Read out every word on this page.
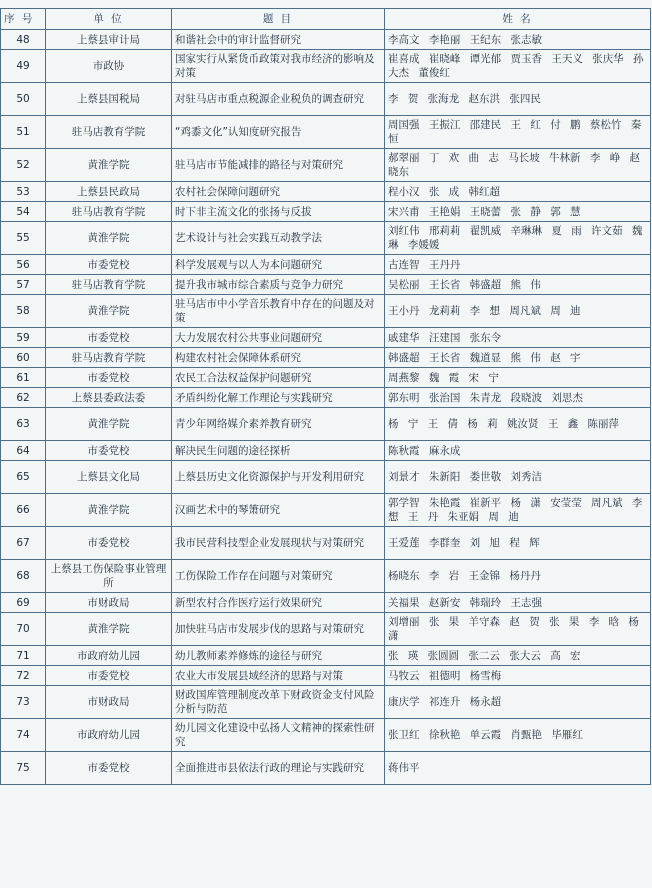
序 号	单 位	题 目	姓 名
48	上蔡县审计局	和谐社会中的审计监督研究	李高文 李艳丽 王纪东 张志敏
49	市政协	国家实行从紧货币政策对我市经济的影响及对策	崔喜成 崔晓峰 谭光郁 贾玉香 王天义 张庆华 孙大杰 董俊红
50	上蔡县国税局	对驻马店市重点税源企业税负的调查研究	李 贺 张海龙 赵东洪 张四民
51	驻马店教育学院	“鸡黍文化”认知度研究报告	周国强 王振江 邵建民 王 红 付 鹏 蔡松竹 秦 恒
52	黄淮学院	驻马店市节能减排的路径与对策研究	郝翠丽 丁 欢 曲 志 马长坡 牛林新 李 峥 赵晓东
53	上蔡县民政局	农村社会保障问题研究	程小汉 张 成 韩红超
54	驻马店教育学院	时下非主流文化的张扬与反拔	宋兴甫 王艳娟 王晓蕾 张 静 郭 慧
55	黄淮学院	艺术设计与社会实践互动教学法	刘红伟 邢莉莉 翟凯威 辛琳琳 夏 雨 许文茹 魏 琳 李媛媛
56	市委党校	科学发展观与以人为本问题研究	古连智 王丹丹
57	驻马店教育学院	提升我市城市综合素质与竞争力研究	吴松丽 王长省 韩盛超 熊 伟
58	黄淮学院	驻马店市中小学音乐教育中存在的问题及对策	王小丹 龙莉莉 李 想 周凡斌 周 迪
59	市委党校	大力发展农村公共事业问题研究	戚建华 汪建国 张东令
60	驻马店教育学院	构建农村社会保障体系研究	韩盛超 王长省 魏道显 熊 伟 赵 宇
61	市委党校	农民工合法权益保护问题研究	周燕黎 魏 霞 宋 宁
62	上蔡县委政法委	矛盾纠纷化解工作理论与实践研究	郭东明 张治国 朱青龙 段晓波 刘思杰
63	黄淮学院	青少年网络媒介素养教育研究	杨 宁 王 倩 杨 莉 姚汝贤 王 鑫 陈丽萍
64	市委党校	解决民生问题的途径探析	陈秋霞 麻永成
65	上蔡县文化局	上蔡县历史文化资源保护与开发利用研究	刘景才 朱新阳 娄世敬 刘秀洁
66	黄淮学院	汉画艺术中的琴箫研究	郭学智 朱艳霞 崔新平 杨 潇 安莹莹 周凡斌 李 想 王 丹 朱亚娟 周 迪
67	市委党校	我市民营科技型企业发展现状与对策研究	王爱莲 李群奎 刘 旭 程 辉
68	上蔡县工伤保险事业管理所	工伤保险工作存在问题与对策研究	杨晓东 李 岩 王金锦 杨丹丹
69	市财政局	新型农村合作医疗运行效果研究	关福果 赵新安 韩瑞玲 王志强
70	黄淮学院	加快驻马店市发展步伐的思路与对策研究	刘增丽 张 果 羊守森 赵 贺 张 果 李 晗 杨 潇
71	市政府幼儿园	幼儿教师素养修炼的途径与研究	张 瑛 张圆圆 张二云 张大云 高 宏
72	市委党校	农业大市发展县域经济的思路与对策	马牧云 祖德明 杨雪梅
73	市财政局	财政国库管理制度改革下财政资金支付风险分析与防范	康庆学 祁连升 杨永超
74	市政府幼儿园	幼儿园文化建设中弘扬人文精神的探索性研究	张卫红 徐秋艳 单云霞 肖甄艳 毕雁红
75	市委党校	全面推进市县依法行政的理论与实践研究	蒋伟平
